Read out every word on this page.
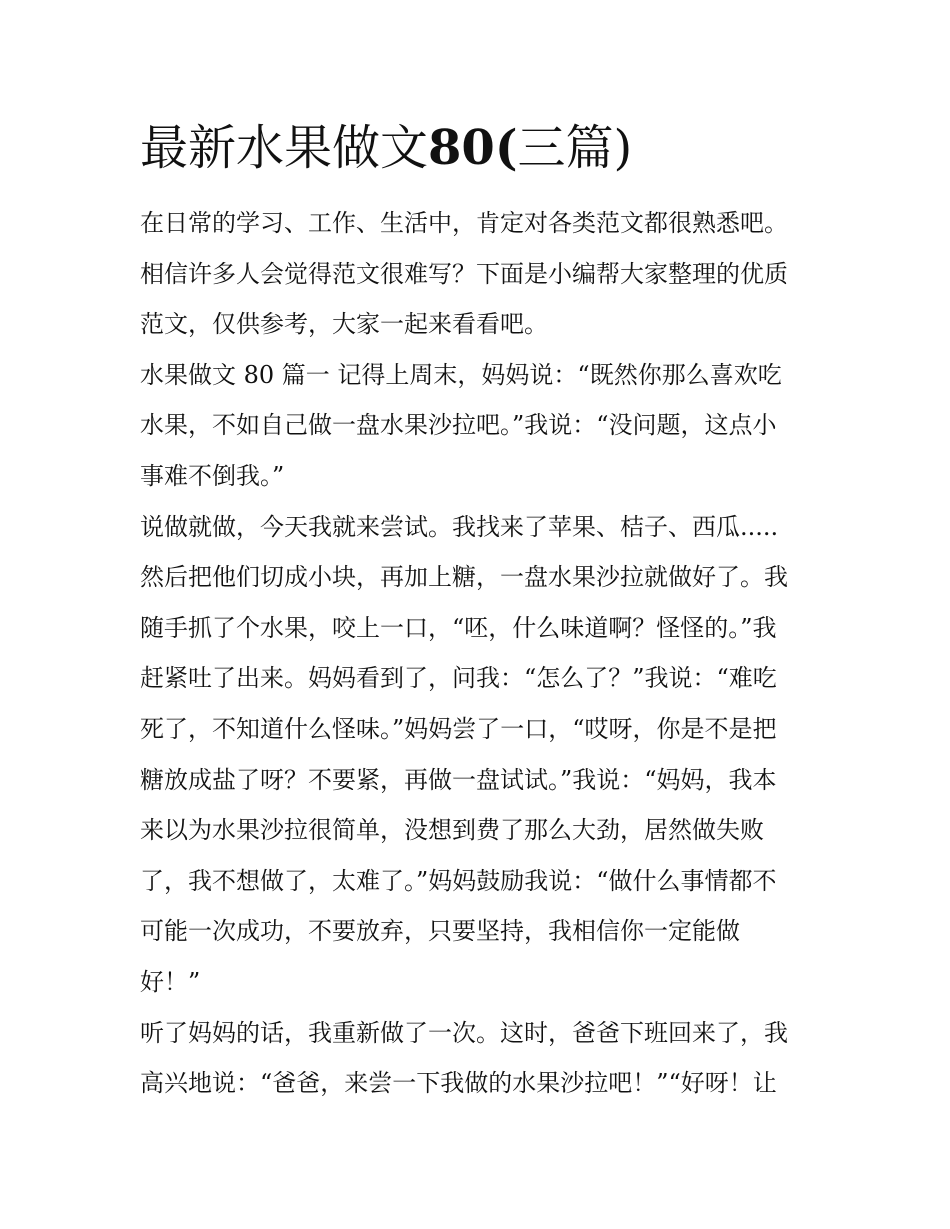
最新水果做文80(三篇)
在日常的学习、工作、生活中，肯定对各类范文都很熟悉吧。
相信许多人会觉得范文很难写？下面是小编帮大家整理的优质
范文，仅供参考，大家一起来看看吧。
水果做文 80 篇一 记得上周末，妈妈说：“既然你那么喜欢吃
水果，不如自己做一盘水果沙拉吧。”我说：“没问题，这点小
事难不倒我。”
说做就做，今天我就来尝试。我找来了苹果、桔子、西瓜.....
然后把他们切成小块，再加上糖，一盘水果沙拉就做好了。我
随手抓了个水果，咬上一口，“呸，什么味道啊？怪怪的。”我
赶紧吐了出来。妈妈看到了，问我：“怎么了？”我说：“难吃
死了，不知道什么怪味。”妈妈尝了一口，“哎呀，你是不是把
糖放成盐了呀？不要紧，再做一盘试试。”我说：“妈妈，我本
来以为水果沙拉很简单，没想到费了那么大劲，居然做失败
了，我不想做了，太难了。”妈妈鼓励我说：“做什么事情都不
可能一次成功，不要放弃，只要坚持，我相信你一定能做
好！”
听了妈妈的话，我重新做了一次。这时，爸爸下班回来了，我
高兴地说：“爸爸，来尝一下我做的水果沙拉吧！”“好呀！让
